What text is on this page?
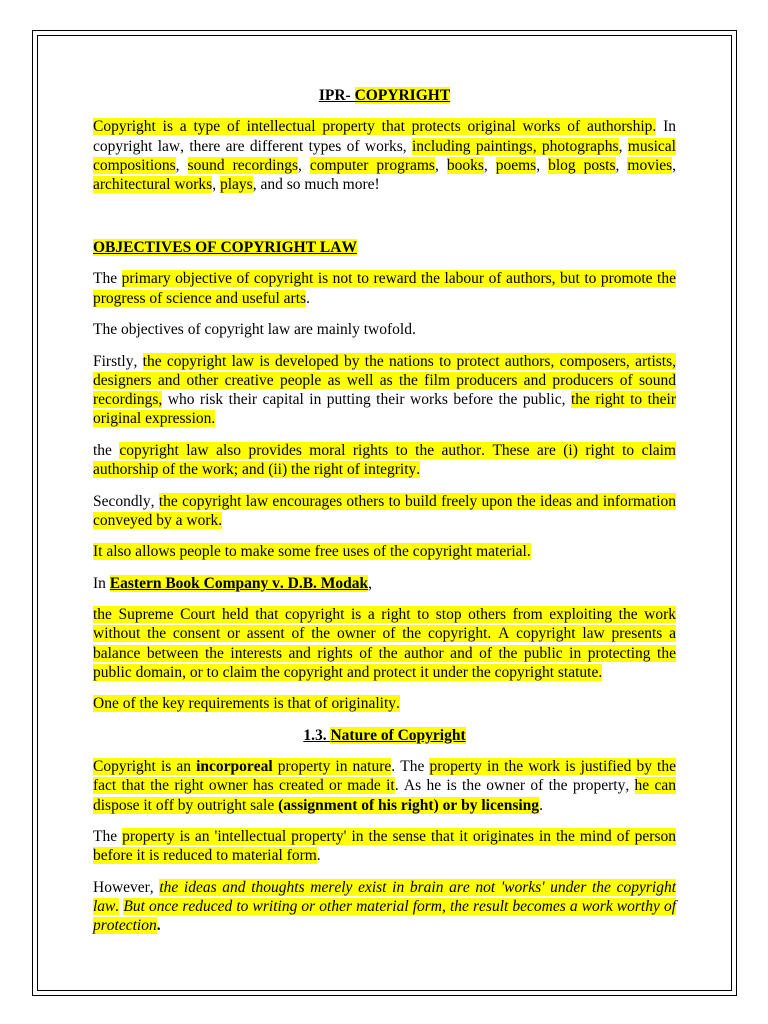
IPR- COPYRIGHT

Copyright is a type of intellectual property that protects original works of authorship. In copyright law, there are different types of works, including paintings, photographs, musical compositions, sound recordings, computer programs, books, poems, blog posts, movies, architectural works, plays, and so much more!

OBJECTIVES OF COPYRIGHT LAW

The primary objective of copyright is not to reward the labour of authors, but to promote the progress of science and useful arts.

The objectives of copyright law are mainly twofold.

Firstly, the copyright law is developed by the nations to protect authors, composers, artists, designers and other creative people as well as the film producers and producers of sound recordings, who risk their capital in putting their works before the public, the right to their original expression.

the copyright law also provides moral rights to the author. These are (i) right to claim authorship of the work; and (ii) the right of integrity.

Secondly, the copyright law encourages others to build freely upon the ideas and information conveyed by a work.

It also allows people to make some free uses of the copyright material.

In Eastern Book Company v. D.B. Modak,

the Supreme Court held that copyright is a right to stop others from exploiting the work without the consent or assent of the owner of the copyright. A copyright law presents a balance between the interests and rights of the author and of the public in protecting the public domain, or to claim the copyright and protect it under the copyright statute.

One of the key requirements is that of originality.

1.3. Nature of Copyright

Copyright is an incorporeal property in nature. The property in the work is justified by the fact that the right owner has created or made it. As he is the owner of the property, he can dispose it off by outright sale (assignment of his right) or by licensing.

The property is an 'intellectual property' in the sense that it originates in the mind of person before it is reduced to material form.

However, the ideas and thoughts merely exist in brain are not 'works' under the copyright law. But once reduced to writing or other material form, the result becomes a work worthy of protection.
